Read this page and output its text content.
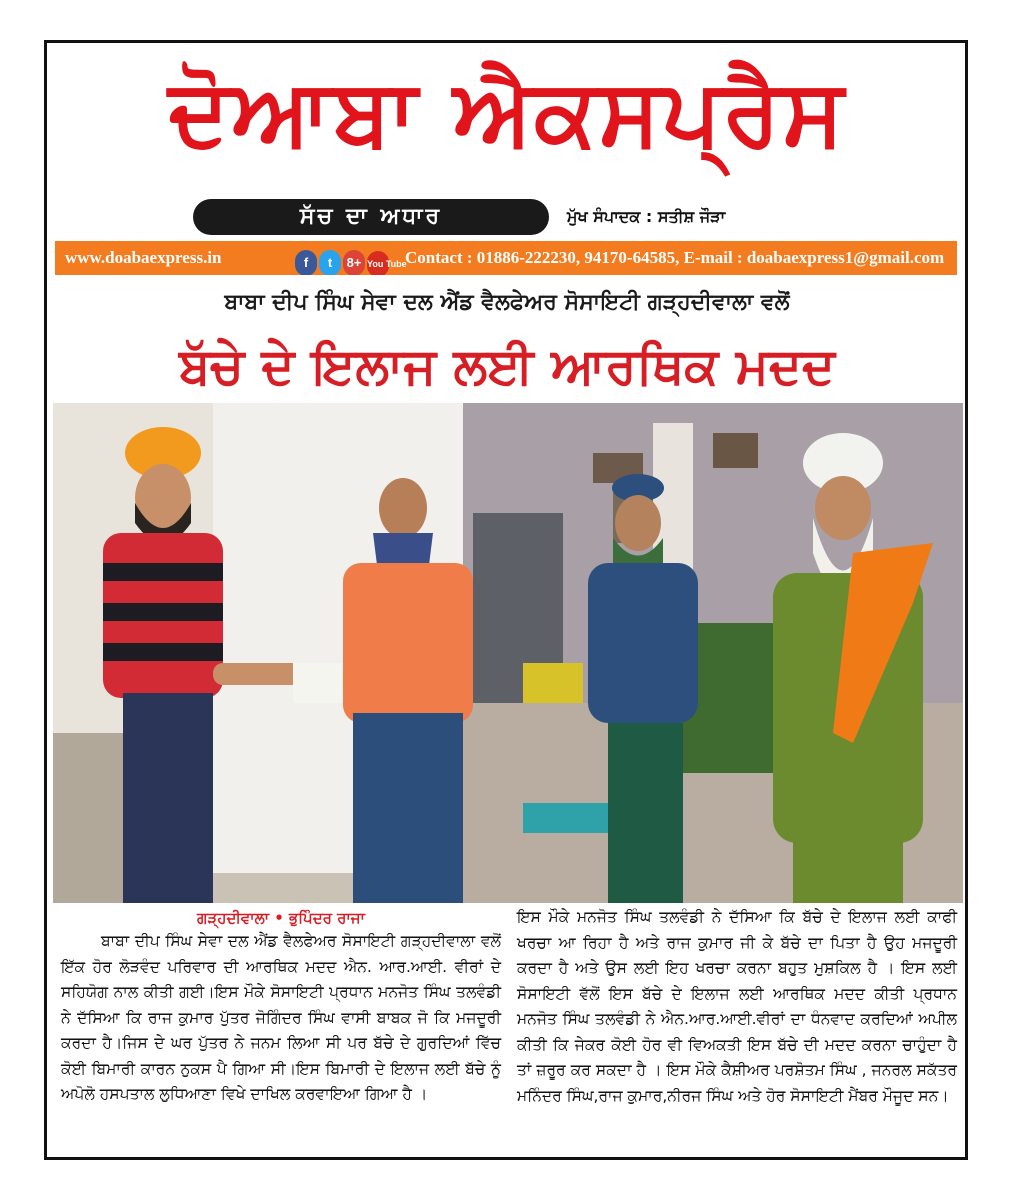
ਦੋਆਬਾ ਐਕਸਪ੍ਰੈਸ
ਸੱਚ ਦਾ ਅਧਾਰ	ਮੁੱਖ ਸੰਪਾਦਕ : ਸਤੀਸ਼ ਜੌੜਾ
www.doabaexpress.in	f t 8+ You Tube
Contact : 01886-222230, 94170-64585, E-mail : doabaexpress1@gmail.com
ਬਾਬਾ ਦੀਪ ਸਿੰਘ ਸੇਵਾ ਦਲ ਐਂਡ ਵੈਲਫੇਅਰ ਸੋਸਾਇਟੀ ਗੜ੍ਹਦੀਵਾਲਾ ਵਲੋਂ
ਬੱਚੇ ਦੇ ਇਲਾਜ ਲਈ ਆਰਥਿਕ ਮਦਦ
ਗੜ੍ਹਦੀਵਾਲਾ • ਭੁਪਿੰਦਰ ਰਾਜਾ
ਬਾਬਾ ਦੀਪ ਸਿੰਘ ਸੇਵਾ ਦਲ ਐਂਡ ਵੈਲਫੇਅਰ ਸੋਸਾਇਟੀ ਗੜ੍ਹਦੀਵਾਲਾ ਵਲੋਂ ਇੱਕ ਹੋਰ ਲੋੜਵੰਦ ਪਰਿਵਾਰ ਦੀ ਆਰਥਿਕ ਮਦਦ ਐਨ. ਆਰ.ਆਈ. ਵੀਰਾਂ ਦੇ ਸਹਿਯੋਗ ਨਾਲ ਕੀਤੀ ਗਈ।ਇਸ ਮੌਕੇ ਸੋਸਾਇਟੀ ਪ੍ਰਧਾਨ ਮਨਜੋਤ ਸਿੰਘ ਤਲਵੰਡੀ ਨੇ ਦੱਸਿਆ ਕਿ ਰਾਜ ਕੁਮਾਰ ਪੁੱਤਰ ਜੋਗਿੰਦਰ ਸਿੰਘ ਵਾਸੀ ਬਾਬਕ ਜੋ ਕਿ ਮਜਦੂਰੀ ਕਰਦਾ ਹੈ।ਜਿਸ ਦੇ ਘਰ ਪੁੱਤਰ ਨੇ ਜਨਮ ਲਿਆ ਸੀ ਪਰ ਬੱਚੇ ਦੇ ਗੁਰਦਿਆਂ ਵਿੱਚ ਕੋਈ ਬਿਮਾਰੀ ਕਾਰਨ ਨੁਕਸ ਪੈ ਗਿਆ ਸੀ।ਇਸ ਬਿਮਾਰੀ ਦੇ ਇਲਾਜ ਲਈ ਬੱਚੇ ਨੂੰ ਅਪੋਲੋ ਹਸਪਤਾਲ ਲੁਧਿਆਣਾ ਵਿਖੇ ਦਾਖਿਲ ਕਰਵਾਇਆ ਗਿਆ ਹੈ ।
ਇਸ ਮੌਕੇ ਮਨਜੋਤ ਸਿੰਘ ਤਲਵੰਡੀ ਨੇ ਦੱਸਿਆ ਕਿ ਬੱਚੇ ਦੇ ਇਲਾਜ ਲਈ ਕਾਫੀ ਖਰਚਾ ਆ ਰਿਹਾ ਹੈ ਅਤੇ ਰਾਜ ਕੁਮਾਰ ਜੀ ਕੇ ਬੱਚੇ ਦਾ ਪਿਤਾ ਹੈ ਉਹ ਮਜਦੂਰੀ ਕਰਦਾ ਹੈ ਅਤੇ ਉਸ ਲਈ ਇਹ ਖਰਚਾ ਕਰਨਾ ਬਹੁਤ ਮੁਸ਼ਕਿਲ ਹੈ । ਇਸ ਲਈ ਸੋਸਾਇਟੀ ਵੱਲੋਂ ਇਸ ਬੱਚੇ ਦੇ ਇਲਾਜ ਲਈ ਆਰਥਿਕ ਮਦਦ ਕੀਤੀ ਪ੍ਰਧਾਨ ਮਨਜੋਤ ਸਿੰਘ ਤਲਵੰਡੀ ਨੇ ਐਨ.ਆਰ.ਆਈ.ਵੀਰਾਂ ਦਾ ਧੰਨਵਾਦ ਕਰਦਿਆਂ ਅਪੀਲ ਕੀਤੀ ਕਿ ਜੇਕਰ ਕੋਈ ਹੋਰ ਵੀ ਵਿਅਕਤੀ ਇਸ ਬੱਚੇ ਦੀ ਮਦਦ ਕਰਨਾ ਚਾਹੁੰਦਾ ਹੈ ਤਾਂ ਜ਼ਰੂਰ ਕਰ ਸਕਦਾ ਹੈ । ਇਸ ਮੌਕੇ ਕੈਸ਼ੀਅਰ ਪਰਸ਼ੋਤਮ ਸਿੰਘ , ਜਨਰਲ ਸਕੱਤਰ ਮਨਿੰਦਰ ਸਿੰਘ,ਰਾਜ ਕੁਮਾਰ,ਨੀਰਜ ਸਿੰਘ ਅਤੇ ਹੋਰ ਸੋਸਾਇਟੀ ਮੈਂਬਰ ਮੌਜੂਦ ਸਨ।
